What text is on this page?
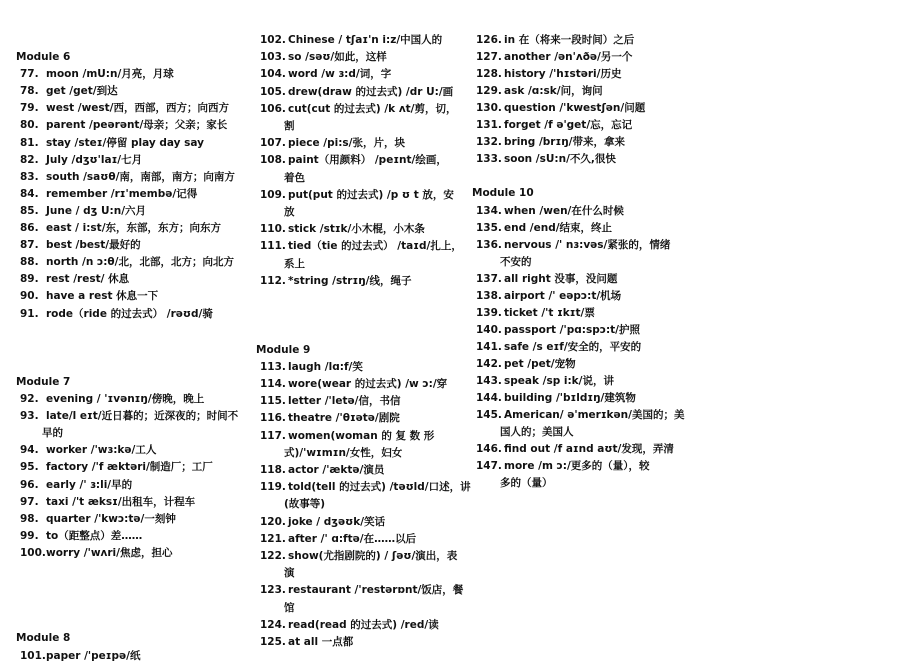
Module 6
77. moon /mU:n/月亮，月球
78. get /get/到达
79. west /west/西，西部，西方；向西方
80. parent /peərənt/母亲；父亲；家长
81. stay /steɪ/停留 play day say
82. July /dʒʊ'laɪ/七月
83. south /saʊθ/南，南部，南方；向南方
84. remember /rɪ'membə/记得
85. June / dʒ U:n/六月
86. east / i:st/东，东部，东方；向东方
87. best /best/最好的
88. north /n ɔ:θ/北，北部，北方；向北方
89. rest /rest/ 休息
90. have a rest 休息一下
91. rode（ride 的过去式） /rəʊd/骑
Module 7
92. evening / 'ɪvənɪŋ/傍晚，晚上
93. late/l eɪt/近日暮的；近深夜的；时间不
早的
94. worker /'wɜ:kə/工人
95. factory /'f æktəri/制造厂；工厂
96. early /' ɜ:li/早的
97. taxi /'t æksɪ/出租车，计程车
98. quarter /'kwɔ:tə/一刻钟
99. to（距整点）差……
100.worry /'wʌri/焦虑，担心
Module 8
101.paper /'peɪpə/纸
102. Chinese / tʃaɪ'n i:z/中国人的
103. so /səʊ/如此，这样
104. word /w ɜ:d/词，字
105. drew(draw 的过去式) /dr U:/画
106. cut(cut 的过去式) /k ʌt/剪，切，
割
107. piece /pi:s/张，片，块
108. paint（用颜料） /peɪnt/绘画，
着色
109. put(put 的过去式) /p ʊ t 放，安
放
110. stick /stɪk/小木棍，小木条
111. tied（tie 的过去式） /taɪd/扎上，
系上
112. *string /strɪŋ/线，绳子
Module 9
113. laugh /lɑ:f/笑
114. wore(wear 的过去式) /w ɔ:/穿
115. letter /'letə/信，书信
116. theatre /'θɪətə/剧院
117. women(woman 的 复 数 形
式)/'wɪmɪn/女性，妇女
118. actor /'æktə/演员
119. told(tell 的过去式) /təʊld/口述，讲
(故事等)
120. joke / dʒəʊk/笑话
121. after /' ɑ:ftə/在……以后
122. show(尤指剧院的) / ʃəʊ/演出，表
演
123. restaurant /'restərɒnt/饭店，餐
馆
124. read(read 的过去式) /red/读
125. at all 一点都
126. in 在（将来一段时间）之后
127. another /ən'ʌðə/另一个
128. history /'hɪstəri/历史
129. ask /ɑ:sk/问，询问
130. question /'kwestʃən/问题
131. forget /f ə'get/忘，忘记
132. bring /brɪŋ/带来，拿来
133. soon /sU:n/不久,很快
Module 10
134. when /wen/在什么时候
135. end /end/结束，终止
136. nervous /' nɜ:vəs/紧张的，情绪
不安的
137. all right 没事，没问题
138. airport /' eəpɔ:t/机场
139. ticket /'t ɪkɪt/票
140. passport /'pɑ:spɔ:t/护照
141. safe /s eɪf/安全的，平安的
142. pet /pet/宠物
143. speak /sp i:k/说，讲
144. building /'bɪldɪŋ/建筑物
145. American/ ə'merɪkən/美国的；美
国人的；美国人
146. find out /f aɪnd aʊt/发现，弄清
147. more /m ɔ:/更多的（量），较
多的（量）
